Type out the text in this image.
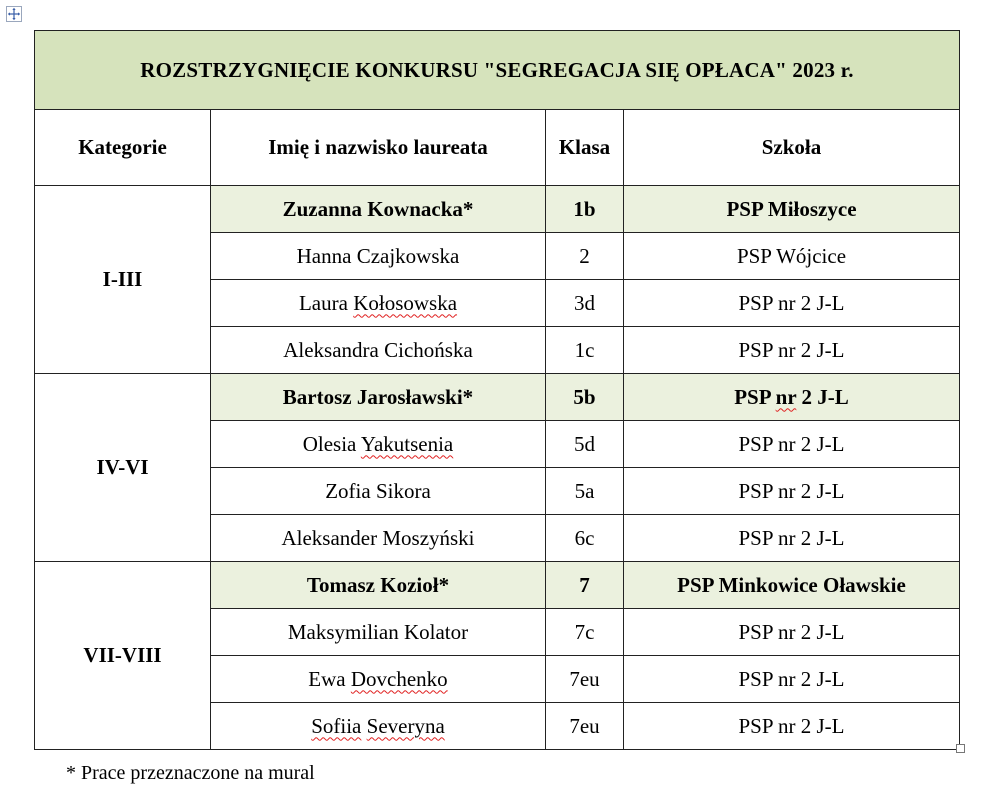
ROZSTRZYGNIĘCIE KONKURSU "SEGREGACJA SIĘ OPŁACA" 2023 r.			
Kategorie	Imię i nazwisko laureata	Klasa	Szkoła
I-III	Zuzanna Kownacka*	1b	PSP Miłoszyce
	Hanna Czajkowska	2	PSP Wójcice
	Laura Kołosowska	3d	PSP nr 2 J-L
	Aleksandra Cichońska	1c	PSP nr 2 J-L
IV-VI	Bartosz Jarosławski*	5b	PSP nr 2 J-L
	Olesia Yakutsenia	5d	PSP nr 2 J-L
	Zofia Sikora	5a	PSP nr 2 J-L
	Aleksander Moszyński	6c	PSP nr 2 J-L
VII-VIII	Tomasz Kozioł*	7	PSP Minkowice Oławskie
	Maksymilian Kolator	7c	PSP nr 2 J-L
	Ewa Dovchenko	7eu	PSP nr 2 J-L
	Sofiia Severyna	7eu	PSP nr 2 J-L
* Prace przeznaczone na mural
